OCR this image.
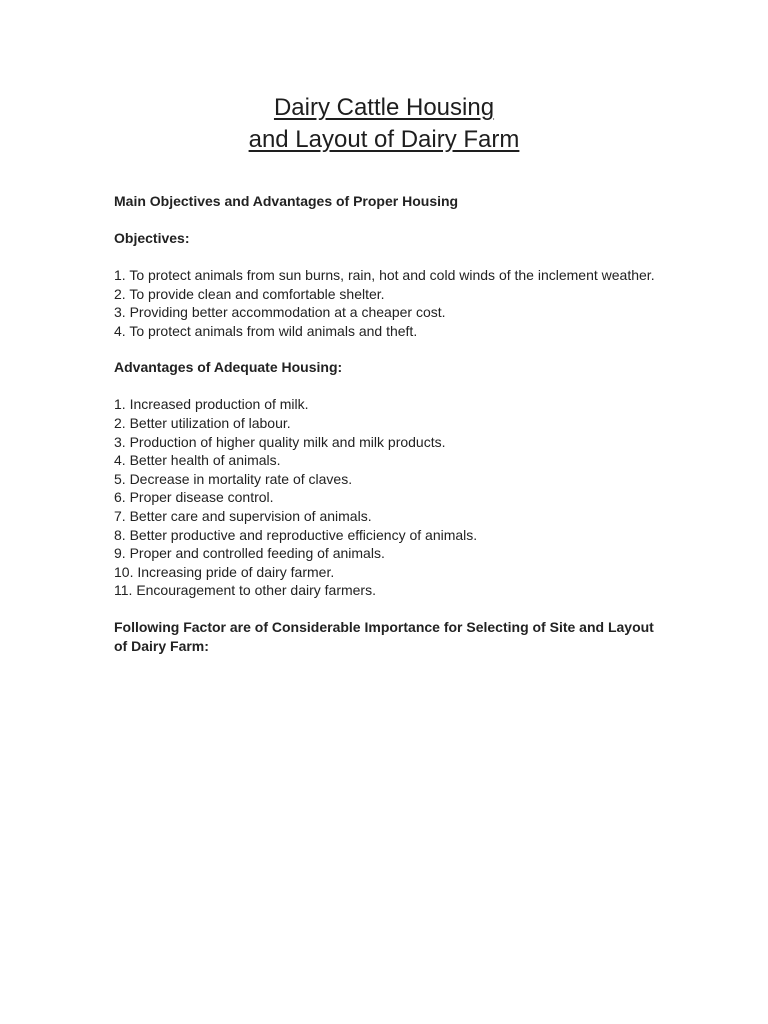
Dairy Cattle Housing
and Layout of Dairy Farm

Main Objectives and Advantages of Proper Housing

Objectives:

1. To protect animals from sun burns, rain, hot and cold winds of the inclement weather.
2. To provide clean and comfortable shelter.
3. Providing better accommodation at a cheaper cost.
4. To protect animals from wild animals and theft.

Advantages of Adequate Housing:

1. Increased production of milk.
2. Better utilization of labour.
3. Production of higher quality milk and milk products.
4. Better health of animals.
5. Decrease in mortality rate of claves.
6. Proper disease control.
7. Better care and supervision of animals.
8. Better productive and reproductive efficiency of animals.
9. Proper and controlled feeding of animals.
10. Increasing pride of dairy farmer.
11. Encouragement to other dairy farmers.

Following Factor are of Considerable Importance for Selecting of Site and Layout of Dairy Farm:
